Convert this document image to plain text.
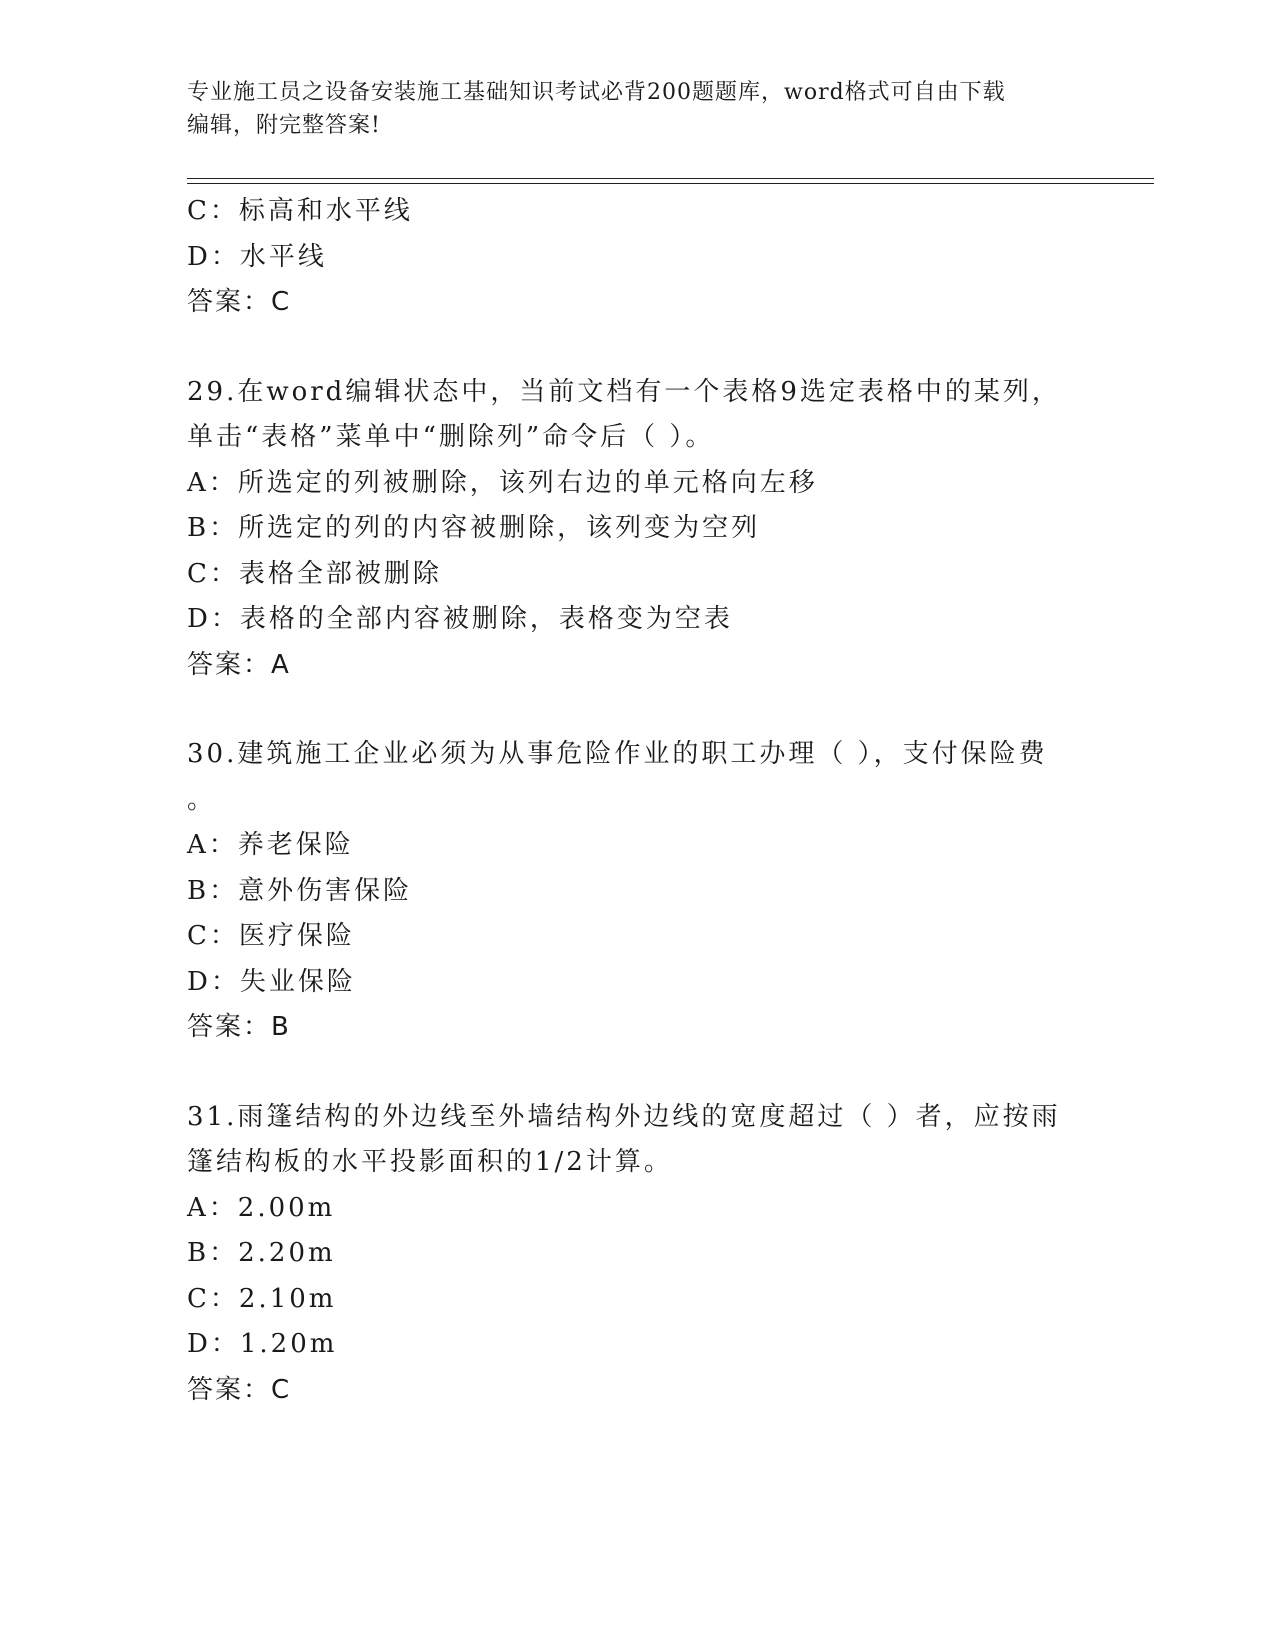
专业施工员之设备安装施工基础知识考试必背200题题库，word格式可自由下载
编辑，附完整答案!
C：标高和水平线
D：水平线
答案：C
29.在word编辑状态中，当前文档有一个表格9选定表格中的某列，
单击“表格”菜单中“删除列”命令后（ ）。
A：所选定的列被删除，该列右边的单元格向左移
B：所选定的列的内容被删除，该列变为空列
C：表格全部被删除
D：表格的全部内容被删除，表格变为空表
答案：A
30.建筑施工企业必须为从事危险作业的职工办理（ ），支付保险费
。
A：养老保险
B：意外伤害保险
C：医疗保险
D：失业保险
答案：B
31.雨篷结构的外边线至外墙结构外边线的宽度超过（ ）者，应按雨
篷结构板的水平投影面积的1/2计算。
A：2.00m
B：2.20m
C：2.10m
D：1.20m
答案：C
